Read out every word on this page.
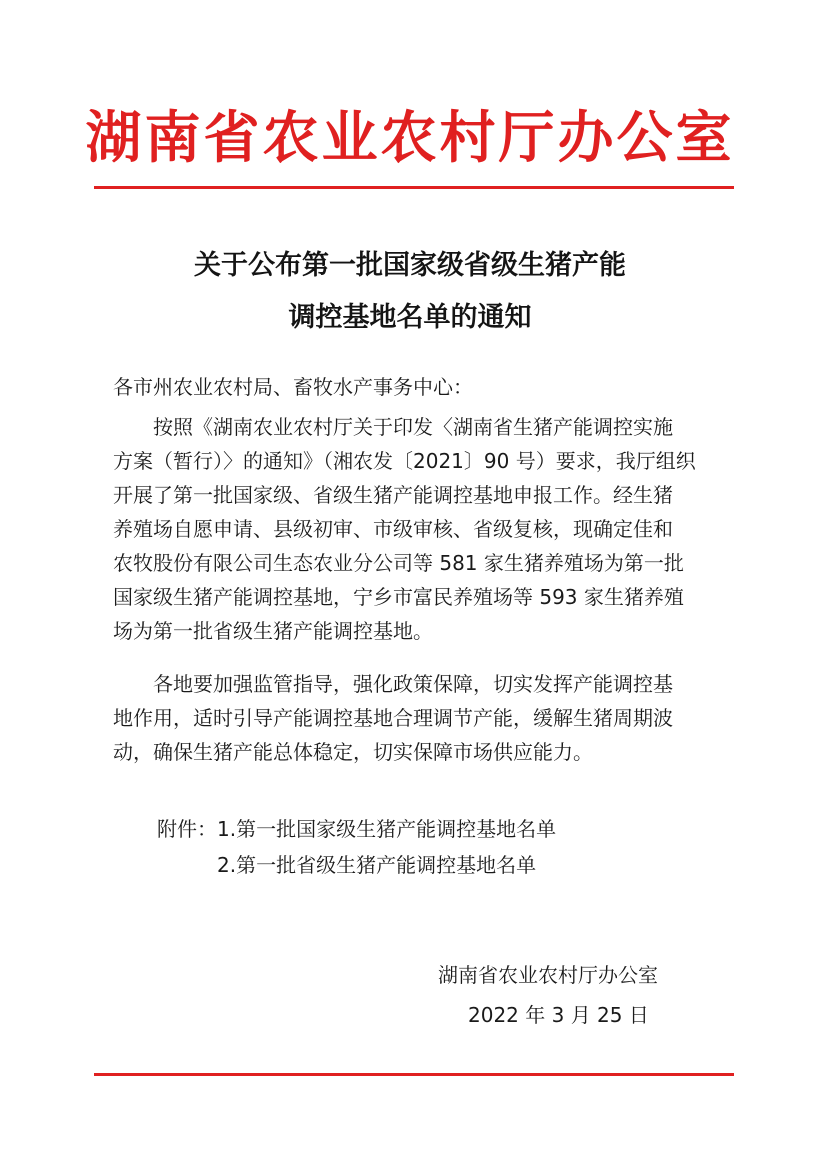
湖南省农业农村厅办公室
关于公布第一批国家级省级生猪产能
调控基地名单的通知
各市州农业农村局、畜牧水产事务中心：
按照《湖南农业农村厅关于印发〈湖南省生猪产能调控实施
方案（暂行）〉的通知》（湘农发〔2021〕90 号）要求，我厅组织
开展了第一批国家级、省级生猪产能调控基地申报工作。经生猪
养殖场自愿申请、县级初审、市级审核、省级复核，现确定佳和
农牧股份有限公司生态农业分公司等 581 家生猪养殖场为第一批
国家级生猪产能调控基地，宁乡市富民养殖场等 593 家生猪养殖
场为第一批省级生猪产能调控基地。
各地要加强监管指导，强化政策保障，切实发挥产能调控基
地作用，适时引导产能调控基地合理调节产能，缓解生猪周期波
动，确保生猪产能总体稳定，切实保障市场供应能力。
附件：1.第一批国家级生猪产能调控基地名单
2.第一批省级生猪产能调控基地名单
湖南省农业农村厅办公室
2022 年 3 月 25 日
